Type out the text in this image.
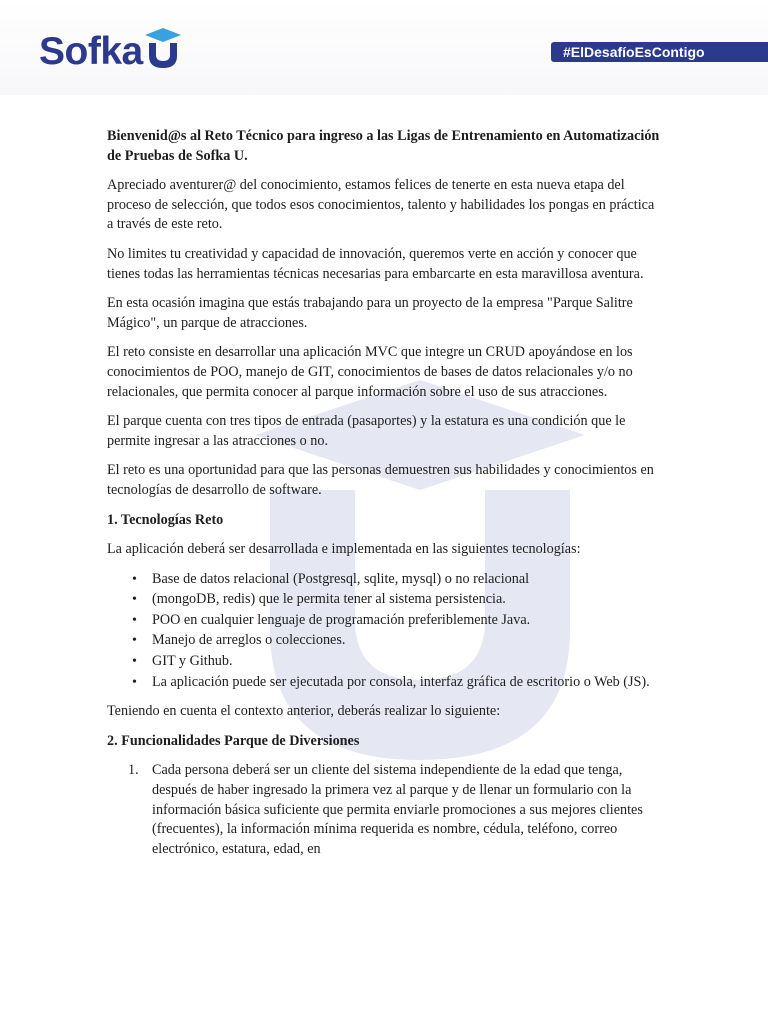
Sofka	#ElDesafíoEsContigo

Bienvenid@s al Reto Técnico para ingreso a las Ligas de Entrenamiento en Automatización de Pruebas de Sofka U.

Apreciado aventurer@ del conocimiento, estamos felices de tenerte en esta nueva etapa del proceso de selección, que todos esos conocimientos, talento y habilidades los pongas en práctica a través de este reto.

No limites tu creatividad y capacidad de innovación, queremos verte en acción y conocer que tienes todas las herramientas técnicas necesarias para embarcarte en esta maravillosa aventura.

En esta ocasión imagina que estás trabajando para un proyecto de la empresa "Parque Salitre Mágico", un parque de atracciones.

El reto consiste en desarrollar una aplicación MVC que integre un CRUD apoyándose en los conocimientos de POO, manejo de GIT, conocimientos de bases de datos relacionales y/o no relacionales, que permita conocer al parque información sobre el uso de sus atracciones.

El parque cuenta con tres tipos de entrada (pasaportes) y la estatura es una condición que le permite ingresar a las atracciones o no.

El reto es una oportunidad para que las personas demuestren sus habilidades y conocimientos en tecnologías de desarrollo de software.

1. Tecnologías Reto

La aplicación deberá ser desarrollada e implementada en las siguientes tecnologías:

• Base de datos relacional (Postgresql, sqlite, mysql) o no relacional
• (mongoDB, redis) que le permita tener al sistema persistencia.
• POO en cualquier lenguaje de programación preferiblemente Java.
• Manejo de arreglos o colecciones.
• GIT y Github.
• La aplicación puede ser ejecutada por consola, interfaz gráfica de escritorio o Web (JS).

Teniendo en cuenta el contexto anterior, deberás realizar lo siguiente:

2. Funcionalidades Parque de Diversiones
1. Cada persona deberá ser un cliente del sistema independiente de la edad que tenga, después de haber ingresado la primera vez al parque y de llenar un formulario con la información básica suficiente que permita enviarle promociones a sus mejores clientes (frecuentes), la información mínima requerida es nombre, cédula, teléfono, correo electrónico, estatura, edad, en
